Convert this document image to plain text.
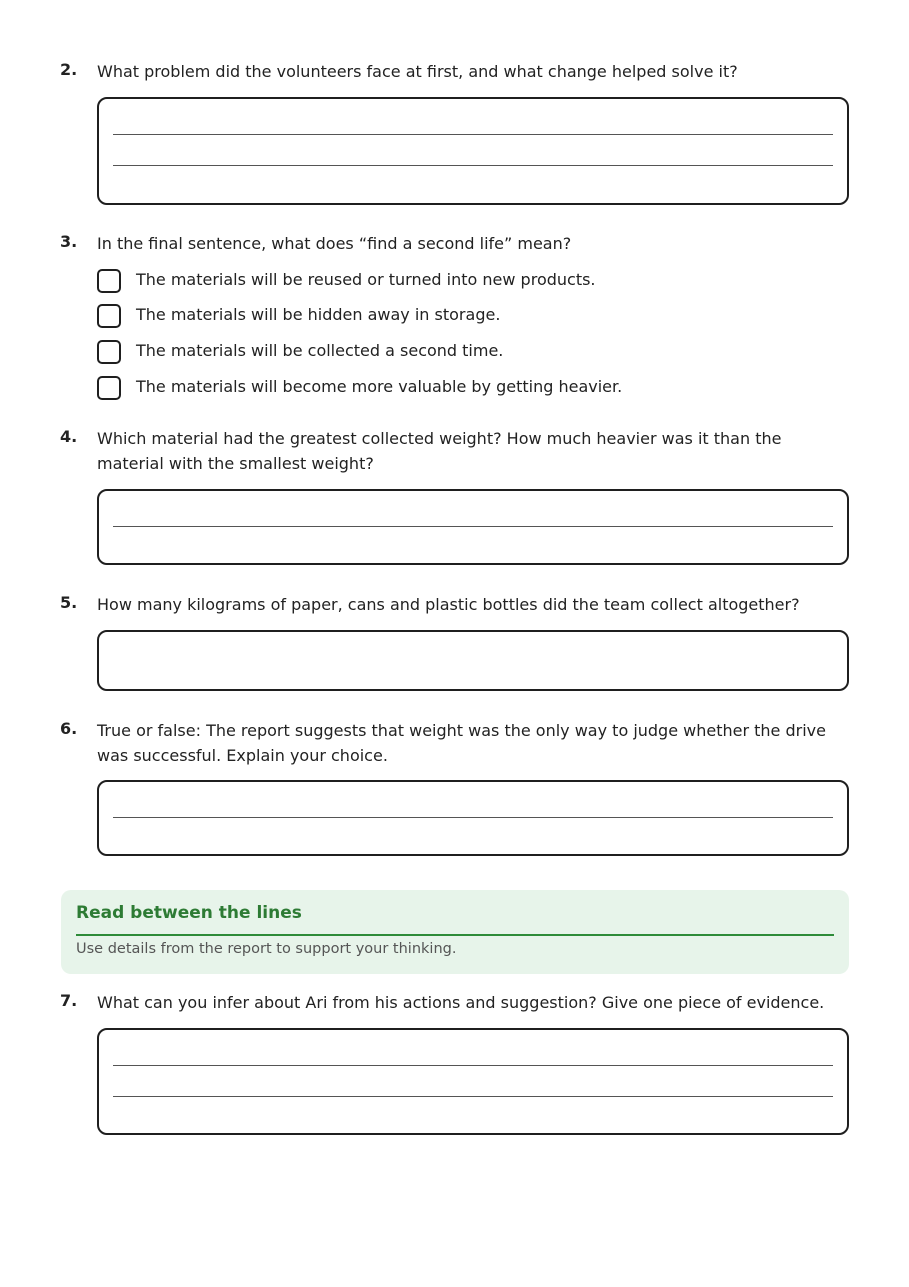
2. What problem did the volunteers face at first, and what change helped solve it?
3. In the final sentence, what does “find a second life” mean?
The materials will be reused or turned into new products.
The materials will be hidden away in storage.
The materials will be collected a second time.
The materials will become more valuable by getting heavier.
4. Which material had the greatest collected weight? How much heavier was it than the material with the smallest weight?
5. How many kilograms of paper, cans and plastic bottles did the team collect altogether?
6. True or false: The report suggests that weight was the only way to judge whether the drive was successful. Explain your choice.
Read between the lines
Use details from the report to support your thinking.
7. What can you infer about Ari from his actions and suggestion? Give one piece of evidence.
